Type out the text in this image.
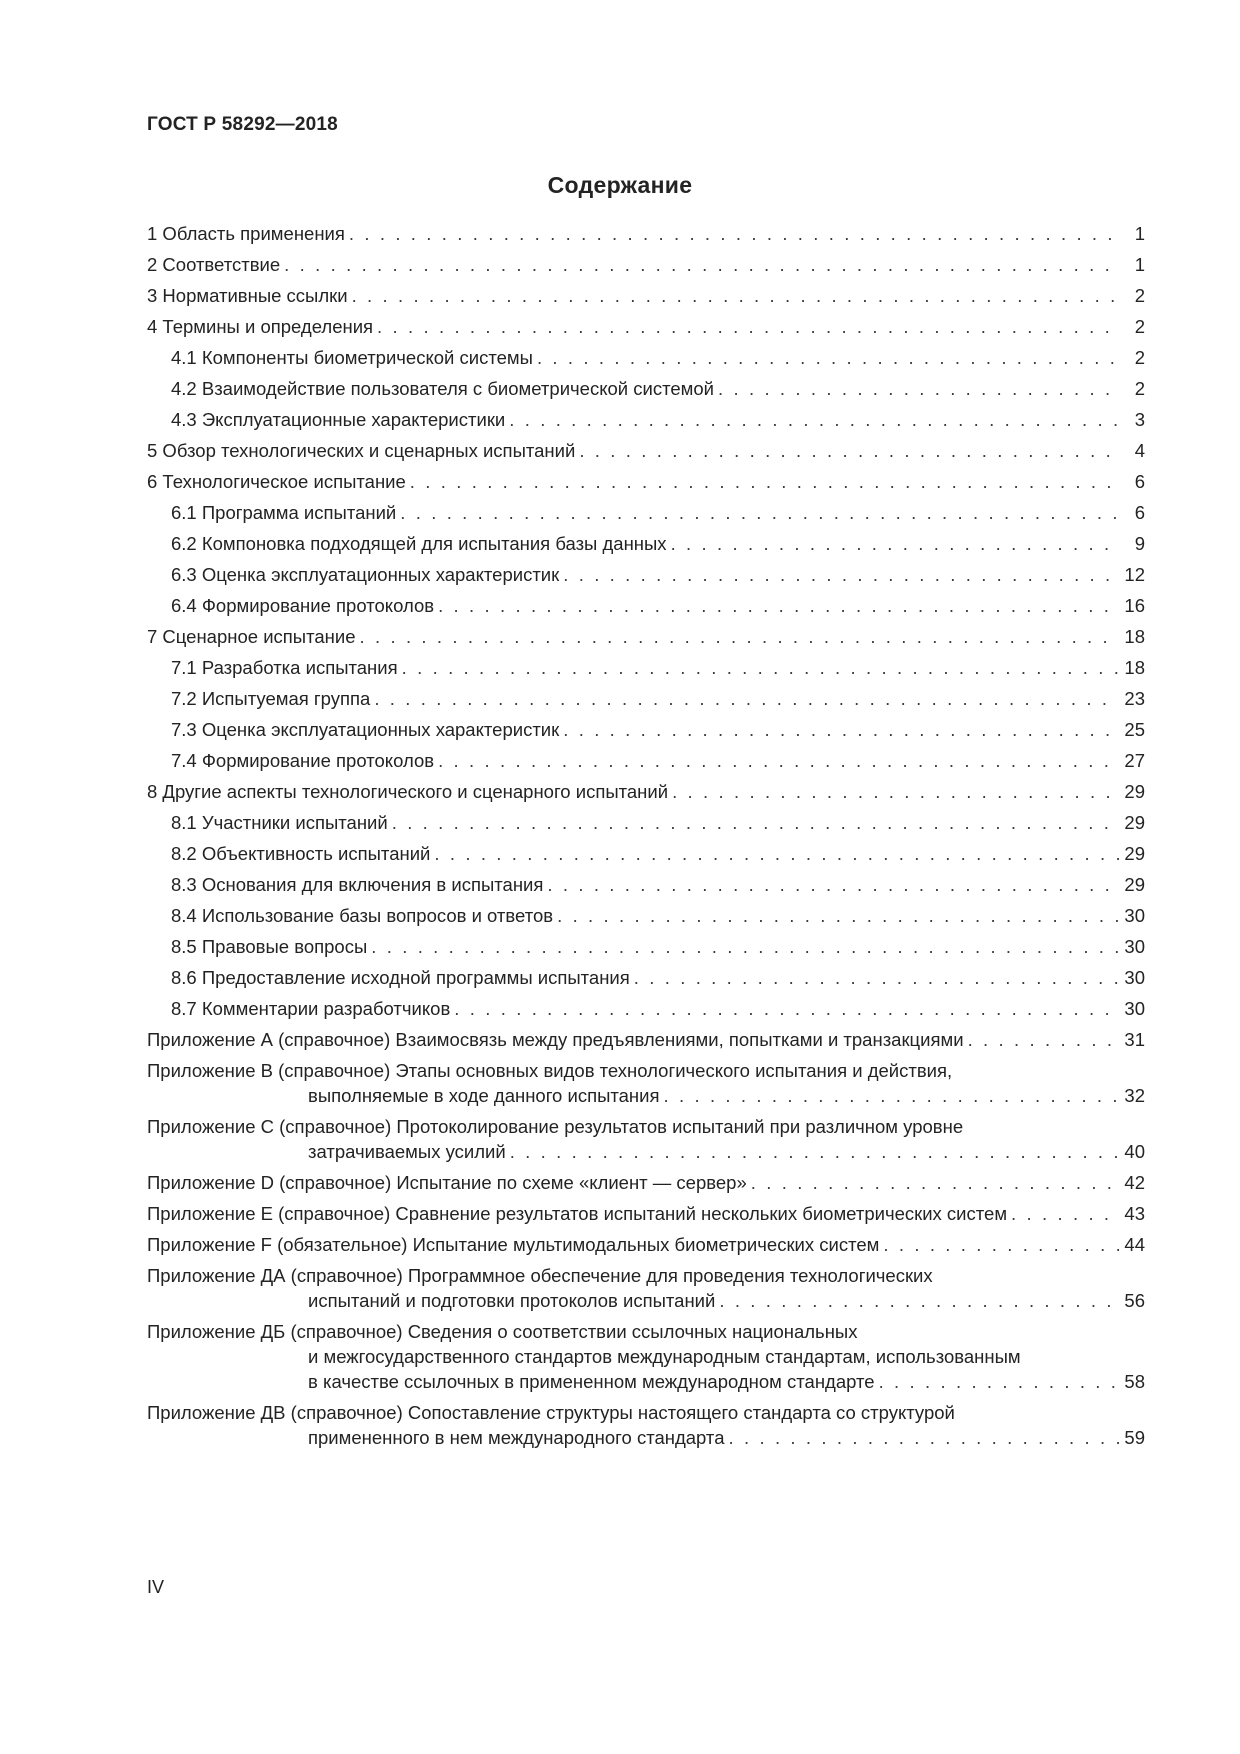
ГОСТ Р 58292—2018
Содержание
1 Область применения . . .	1
2 Соответствие . . .	1
3 Нормативные ссылки . . .	2
4 Термины и определения . . .	2
4.1 Компоненты биометрической системы . . .	2
4.2 Взаимодействие пользователя с биометрической системой . . .	2
4.3 Эксплуатационные характеристики . . .	3
5 Обзор технологических и сценарных испытаний . . .	4
6 Технологическое испытание . . .	6
6.1 Программа испытаний . . .	6
6.2 Компоновка подходящей для испытания базы данных . . .	9
6.3 Оценка эксплуатационных характеристик . . .	12
6.4 Формирование протоколов . . .	16
7 Сценарное испытание . . .	18
7.1 Разработка испытания . . .	18
7.2 Испытуемая группа . . .	23
7.3 Оценка эксплуатационных характеристик . . .	25
7.4 Формирование протоколов . . .	27
8 Другие аспекты технологического и сценарного испытаний . . .	29
8.1 Участники испытаний . . .	29
8.2 Объективность испытаний . . .	29
8.3 Основания для включения в испытания . . .	29
8.4 Использование базы вопросов и ответов . . .	30
8.5 Правовые вопросы . . .	30
8.6 Предоставление исходной программы испытания . . .	30
8.7 Комментарии разработчиков . . .	30
Приложение А (справочное) Взаимосвязь между предъявлениями, попытками и транзакциями . . .	31
Приложение В (справочное) Этапы основных видов технологического испытания и действия,
выполняемые в ходе данного испытания . . .	32
Приложение С (справочное) Протоколирование результатов испытаний при различном уровне
затрачиваемых усилий . . .	40
Приложение D (справочное) Испытание по схеме «клиент — сервер» . . .	42
Приложение Е (справочное) Сравнение результатов испытаний нескольких биометрических систем . . .	43
Приложение F (обязательное) Испытание мультимодальных биометрических систем . . .	44
Приложение ДА (справочное) Программное обеспечение для проведения технологических
испытаний и подготовки протоколов испытаний . . .	56
Приложение ДБ (справочное) Сведения о соответствии ссылочных национальных
и межгосударственного стандартов международным стандартам, использованным
в качестве ссылочных в примененном международном стандарте . . .	58
Приложение ДВ (справочное) Сопоставление структуры настоящего стандарта со структурой
примененного в нем международного стандарта . . .	59
IV
